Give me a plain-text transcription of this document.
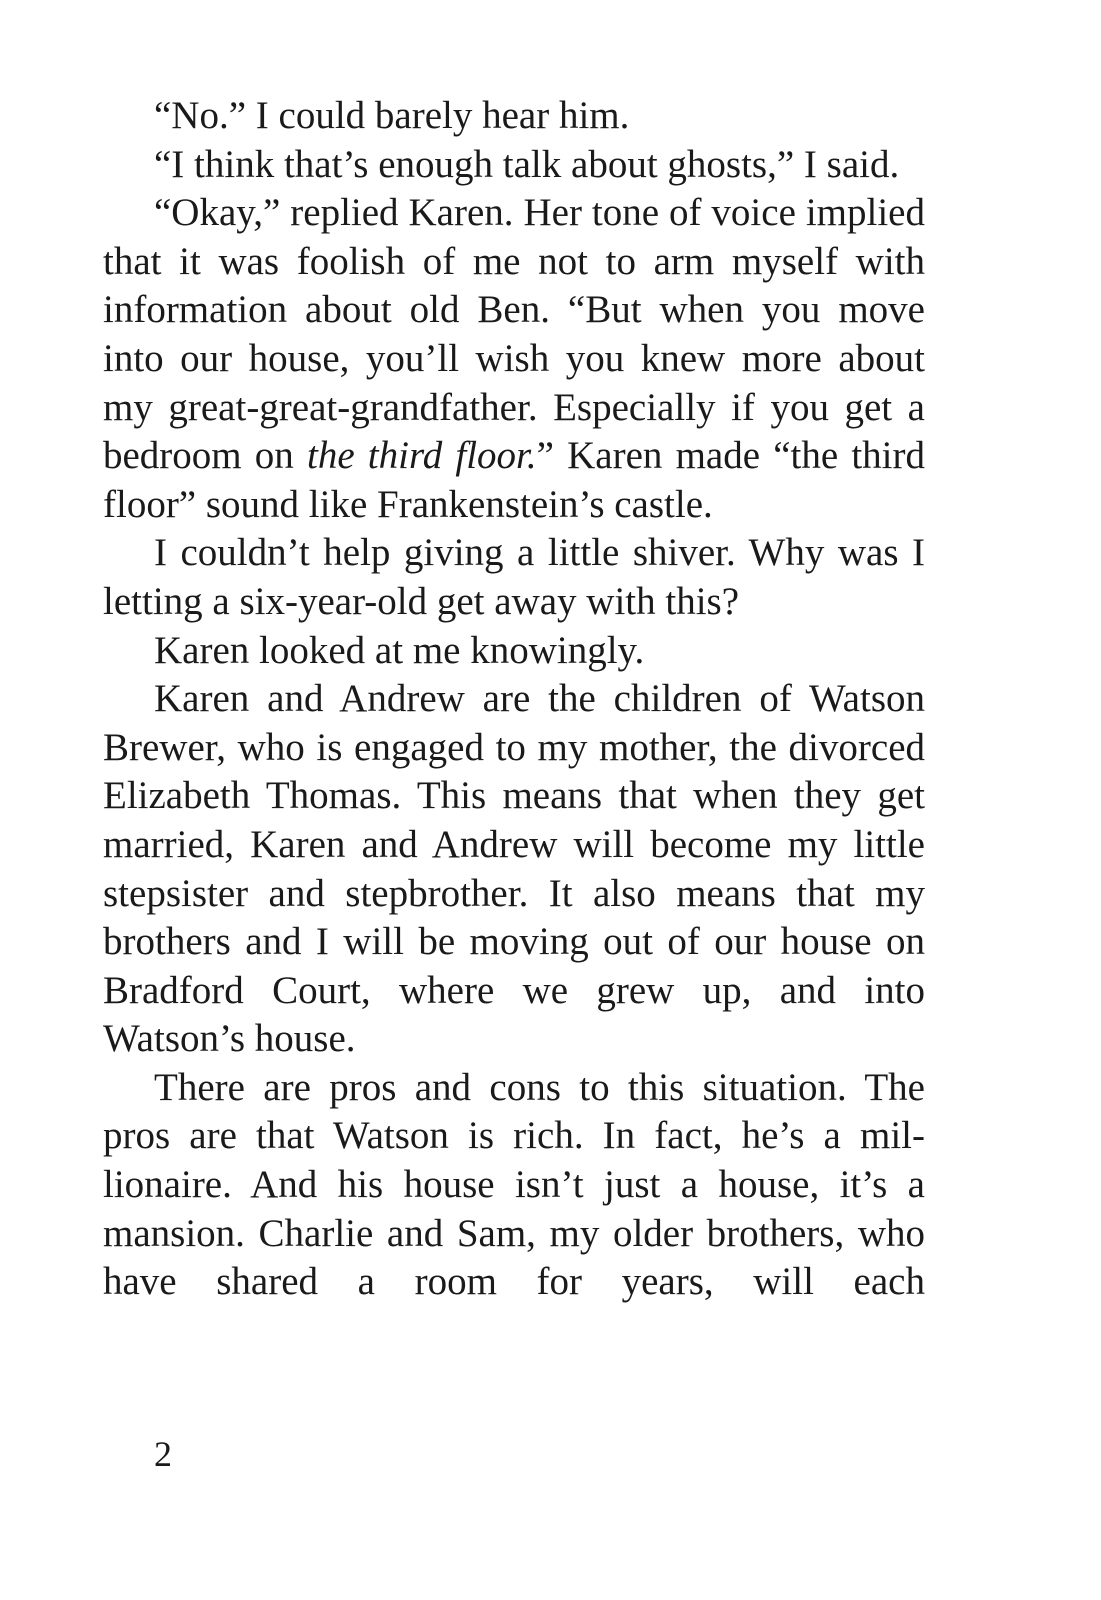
“No.” I could barely hear him.

“I think that’s enough talk about ghosts,” I said.

“Okay,” replied Karen. Her tone of voice implied that it was foolish of me not to arm myself with information about old Ben. “But when you move into our house, you’ll wish you knew more about my great-great-grandfather. Especially if you get a bedroom on the third floor.” Karen made “the third floor” sound like Frankenstein’s castle.

I couldn’t help giving a little shiver. Why was I letting a six-year-old get away with this?

Karen looked at me knowingly.

Karen and Andrew are the children of Watson Brewer, who is engaged to my mother, the divorced Elizabeth Thomas. This means that when they get married, Karen and Andrew will become my little stepsister and stepbrother. It also means that my brothers and I will be moving out of our house on Bradford Court, where we grew up, and into Watson’s house.

There are pros and cons to this situation. The pros are that Watson is rich. In fact, he’s a millionaire. And his house isn’t just a house, it’s a mansion. Charlie and Sam, my older brothers, who have shared a room for years, will each

2
